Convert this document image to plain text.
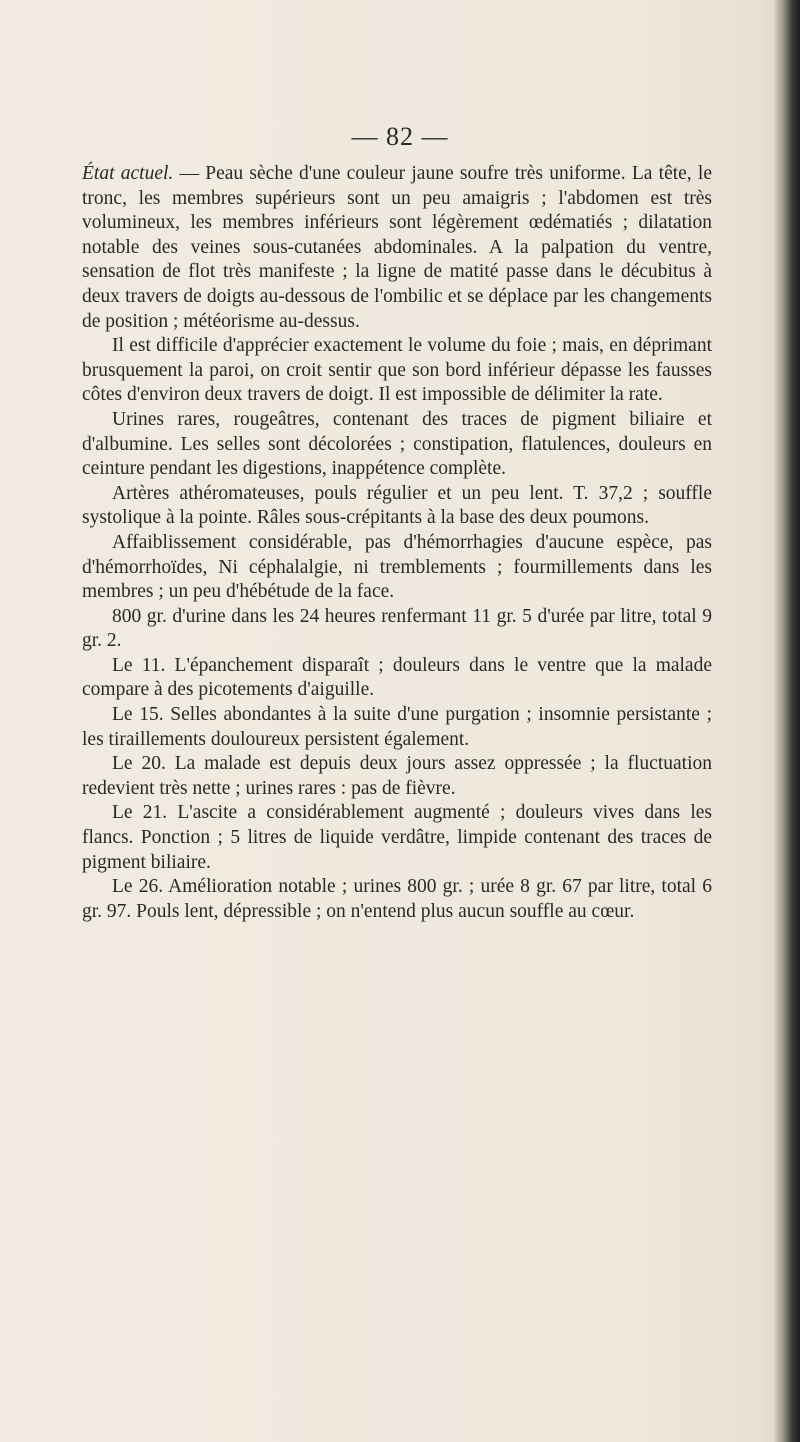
— 82 —

État actuel. — Peau sèche d'une couleur jaune soufre très uniforme. La tête, le tronc, les membres supérieurs sont un peu amaigris ; l'abdomen est très volumineux, les membres inférieurs sont légèrement œdématiés ; dilatation notable des veines sous-cutanées abdominales. A la palpation du ventre, sensation de flot très manifeste ; la ligne de matité passe dans le décubitus à deux travers de doigts au-dessous de l'ombilic et se déplace par les changements de position ; météorisme au-dessus.

Il est difficile d'apprécier exactement le volume du foie ; mais, en déprimant brusquement la paroi, on croit sentir que son bord inférieur dépasse les fausses côtes d'environ deux travers de doigt. Il est impossible de délimiter la rate.

Urines rares, rougeâtres, contenant des traces de pigment biliaire et d'albumine. Les selles sont décolorées ; constipation, flatulences, douleurs en ceinture pendant les digestions, inappétence complète.

Artères athéromateuses, pouls régulier et un peu lent. T. 37,2 ; souffle systolique à la pointe. Râles sous-crépitants à la base des deux poumons.

Affaiblissement considérable, pas d'hémorrhagies d'aucune espèce, pas d'hémorrhoïdes, Ni céphalalgie, ni tremblements ; fourmillements dans les membres ; un peu d'hébétude de la face.

800 gr. d'urine dans les 24 heures renfermant 11 gr. 5 d'urée par litre, total 9 gr. 2.

Le 11. L'épanchement disparaît ; douleurs dans le ventre que la malade compare à des picotements d'aiguille.

Le 15. Selles abondantes à la suite d'une purgation ; insomnie persistante ; les tiraillements douloureux persistent également.

Le 20. La malade est depuis deux jours assez oppressée ; la fluctuation redevient très nette ; urines rares : pas de fièvre.

Le 21. L'ascite a considérablement augmenté ; douleurs vives dans les flancs. Ponction ; 5 litres de liquide verdâtre, limpide contenant des traces de pigment biliaire.

Le 26. Amélioration notable ; urines 800 gr. ; urée 8 gr. 67 par litre, total 6 gr. 97. Pouls lent, dépressible ; on n'entend plus aucun souffle au cœur.
